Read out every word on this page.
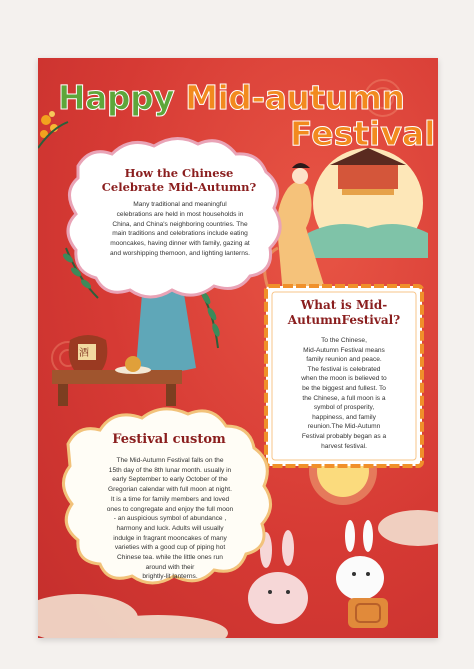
Happy Mid-autumn
Festival
How the Chinese
Celebrate Mid-Autumn?
Many traditional and meaningful
celebrations are held in most households in
China, and China's neighboring countries. The
main traditions and celebrations include eating
mooncakes, having dinner with family, gazing at
and worshipping themoon, and lighting lanterns.
What is Mid-
AutumnFestival?
To the Chinese,
Mid-Autumn Festival means
family reunion and peace.
The festival is celebrated
when the moon is believed to
be the biggest and fullest. To
the Chinese, a full moon is a
symbol of prosperity,
happiness, and family
reunion.The Mid-Autumn
Festival probably began as a
harvest festival.
Festival custom
The Mid-Autumn Festival falls on the
15th day of the 8th lunar month. usually in
early September to early October of the
Gregorian calendar with full moon at night.
It is a time for family members and loved
ones to congregate and enjoy the full moon
- an auspicious symbol of abundance ,
harmony and luck. Adults will usually
indulge in fragrant mooncakes of many
varieties with a good cup of piping hot
Chinese tea. while the little ones run
around with their
brightly-lit lanterns.
酒
